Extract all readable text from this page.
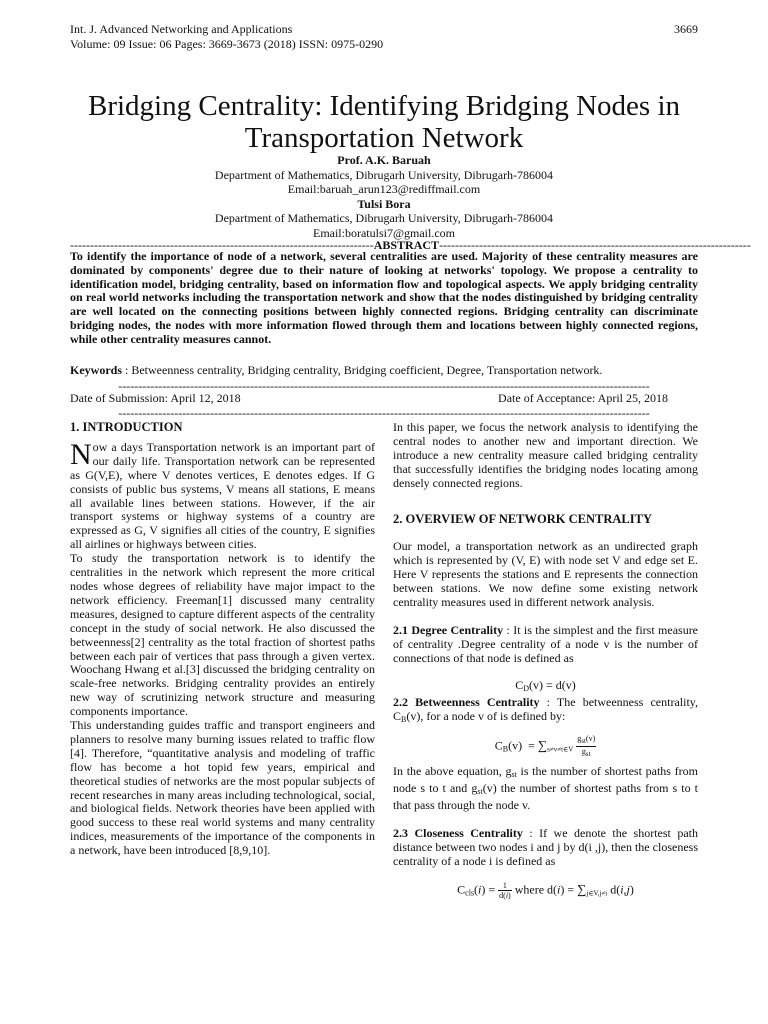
Int. J. Advanced Networking and Applications
Volume: 09 Issue: 06 Pages: 3669-3673 (2018) ISSN: 0975-0290
3669
Bridging Centrality: Identifying Bridging Nodes in Transportation Network
Prof. A.K. Baruah
Department of Mathematics, Dibrugarh University, Dibrugarh-786004
Email:baruah_arun123@rediffmail.com
Tulsi Bora
Department of Mathematics, Dibrugarh University, Dibrugarh-786004
Email:boratulsi7@gmail.com
----------------------------------------------------------------------------ABSTRACT------------------------------------------------------------------------------

To identify the importance of node of a network, several centralities are used. Majority of these centrality measures are dominated by components' degree due to their nature of looking at networks' topology. We propose a centrality to identification model, bridging centrality, based on information flow and topological aspects. We apply bridging centrality on real world networks including the transportation network and show that the nodes distinguished by bridging centrality are well located on the connecting positions between highly connected regions. Bridging centrality can discriminate bridging nodes, the nodes with more information flowed through them and locations between highly connected regions, while other centrality measures cannot.

Keywords : Betweenness centrality, Bridging centrality, Bridging coefficient, Degree, Transportation network.
-------------------------------------------------------------------------------------------------------------------------------------
Date of Submission: April 12, 2018	Date of Acceptance: April 25, 2018
-------------------------------------------------------------------------------------------------------------------------------------

1. INTRODUCTION

Now a days Transportation network is an important part of our daily life. Transportation network can be represented as G(V,E), where V denotes vertices, E denotes edges. If G consists of public bus systems, V means all stations, E means all available lines between stations. However, if the air transport systems or highway systems of a country are expressed as G, V signifies all cities of the country, E signifies all airlines or highways between cities.

To study the transportation network is to identify the centralities in the network which represent the more critical nodes whose degrees of reliability have major impact to the network efficiency. Freeman[1] discussed many centrality measures, designed to capture different aspects of the centrality concept in the study of social network. He also discussed the betweenness[2] centrality as the total fraction of shortest paths between each pair of vertices that pass through a given vertex. Woochang Hwang et al.[3] discussed the bridging centrality on scale-free networks. Bridging centrality provides an entirely new way of scrutinizing network structure and measuring components importance.

This understanding guides traffic and transport engineers and planners to resolve many burning issues related to traffic flow [4]. Therefore, “quantitative analysis and modeling of traffic flow has become a hot topid few years, empirical and theoretical studies of networks are the most popular subjects of recent researches in many areas including technological, social, and biological fields. Network theories have been applied with good success to these real world systems and many centrality indices, measurements of the importance of the components in a network, have been introduced [8,9,10].

In this paper, we focus the network analysis to identifying the central nodes to another new and important direction. We introduce a new centrality measure called bridging centrality that successfully identifies the bridging nodes locating among densely connected regions.

2. OVERVIEW OF NETWORK CENTRALITY

Our model, a transportation network as an undirected graph which is represented by (V, E) with node set V and edge set E. Here V represents the stations and E represents the connection between stations. We now define some existing network centrality measures used in different network analysis.

2.1 Degree Centrality : It is the simplest and the first measure of centrality .Degree centrality of a node v is the number of connections of that node is defined as

$C_D(v) = d(v)$

2.2 Betweenness Centrality : The betweenness centrality, $C_B(v)$, for a node v of is defined by:

$C_B(v)$  = ∑s≠v≠t∈V $\frac{\text{gst(v)}}{\text{gst}}$

In the above equation, $g_{st}$ is the number of shortest paths from node s to t and $g_{st}(v)$ the number of shortest paths from s to t that pass through the node v.

2.3 Closeness Centrality : If we denote the shortest path distance between two nodes i and j by d(i ,j), then the closeness centrality of a node i is defined as

$C_{cls}(i) = \frac{1}{d(i)}$ where d(i) = ∑j∈V,j≠i d(i,j)
